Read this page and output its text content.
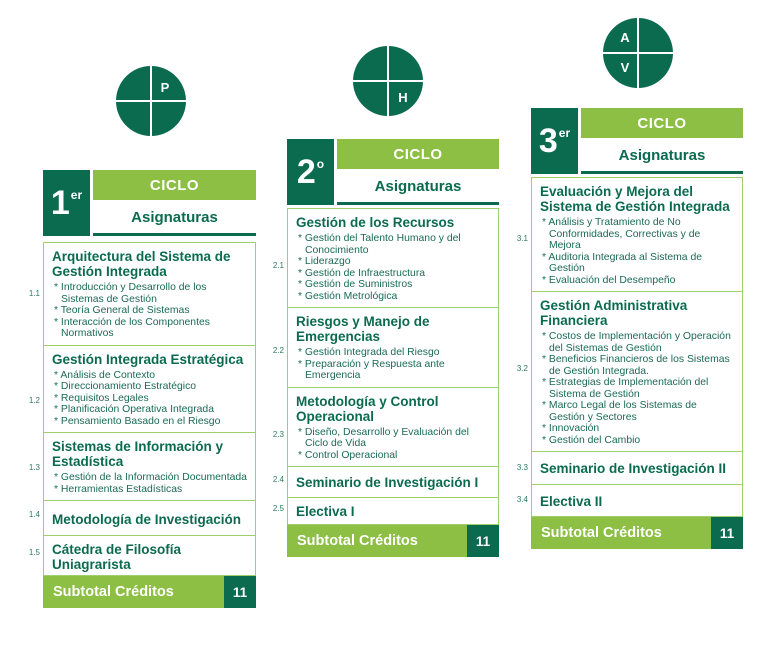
P
H
A
V
1er
CICLO
Asignaturas
1.1
Arquitectura del Sistema de Gestión Integrada
* Introducción y Desarrollo de los Sistemas de Gestión
* Teoría General de Sistemas
* Interacción de los Componentes Normativos
1.2
Gestión Integrada Estratégica
* Análisis de Contexto
* Direccionamiento Estratégico
* Requisitos Legales
* Planificación Operativa Integrada
* Pensamiento Basado en el Riesgo
1.3
Sistemas de Información y Estadística
* Gestión de la Información Documentada
* Herramientas Estadísticas
1.4 Metodología de Investigación
1.5 Cátedra de Filosofía Uniagrarista
Subtotal Créditos	11
2$^o$
CICLO
Asignaturas
2.1
Gestión de los Recursos
* Gestión del Talento Humano y del Conocimiento
* Liderazgo
* Gestión de Infraestructura
* Gestión de Suministros
* Gestión Metrológica
2.2
Riesgos y Manejo de Emergencias
* Gestión Integrada del Riesgo
* Preparación y Respuesta ante Emergencia
2.3
Metodología y Control Operacional
* Diseño, Desarrollo y Evaluación del Ciclo de Vida
* Control Operacional
2.4 Seminario de Investigación I
2.5 Electiva I
Subtotal Créditos	11
3er
CICLO
Asignaturas
3.1
Evaluación y Mejora del Sistema de Gestión Integrada
* Análisis y Tratamiento de No Conformidades, Correctivas y de Mejora
* Auditoria Integrada al Sistema de Gestión
* Evaluación del Desempeño
3.2
Gestión Administrativa Financiera
* Costos de Implementación y Operación del Sistemas de Gestión
* Beneficios Financieros de los Sistemas de Gestión Integrada.
* Estrategias de Implementación del Sistema de Gestión
* Marco Legal de los Sistemas de Gestión y Sectores
* Innovación
* Gestión del Cambio
3.3 Seminario de Investigación II
3.4 Electiva II
Subtotal Créditos	11
